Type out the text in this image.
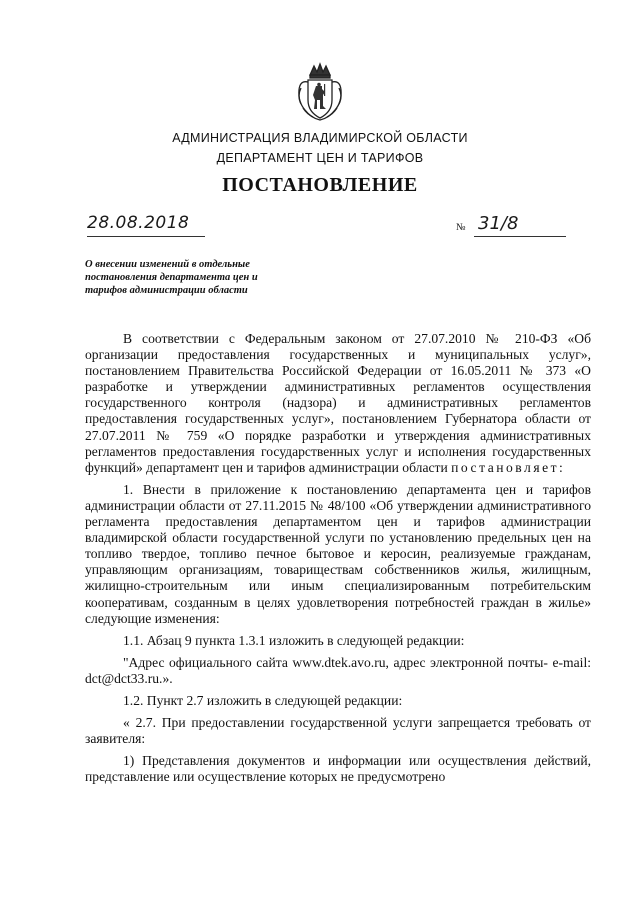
АДМИНИСТРАЦИЯ ВЛАДИМИРСКОЙ ОБЛАСТИ
ДЕПАРТАМЕНТ ЦЕН И ТАРИФОВ
ПОСТАНОВЛЕНИЕ
28.08.2018	№ 31/8
О внесении изменений в отдельные постановления департамента цен и тарифов администрации области

В соответствии с Федеральным законом от 27.07.2010 № 210-ФЗ «Об организации предоставления государственных и муниципальных услуг», постановлением Правительства Российской Федерации от 16.05.2011 № 373 «О разработке и утверждении административных регламентов осуществления государственного контроля (надзора) и административных регламентов предоставления государственных услуг», постановлением Губернатора области от 27.07.2011 № 759 «О порядке разработки и утверждения административных регламентов предоставления государственных услуг и исполнения государственных функций» департамент цен и тарифов администрации области постановляет:

1. Внести в приложение к постановлению департамента цен и тарифов администрации области от 27.11.2015 № 48/100 «Об утверждении административного регламента предоставления департаментом цен и тарифов администрации владимирской области государственной услуги по установлению предельных цен на топливо твердое, топливо печное бытовое и керосин, реализуемые гражданам, управляющим организациям, товариществам собственников жилья, жилищным, жилищно-строительным или иным специализированным потребительским кооперативам, созданным в целях удовлетворения потребностей граждан в жилье» следующие изменения:

1.1. Абзац 9 пункта 1.3.1 изложить в следующей редакции:

"Адрес официального сайта www.dtek.avo.ru, адрес электронной почты- e-mail: dct@dct33.ru.».

1.2. Пункт 2.7 изложить в следующей редакции:

« 2.7. При предоставлении государственной услуги запрещается требовать от заявителя:

1) Представления документов и информации или осуществления действий, представление или осуществление которых не предусмотрено
